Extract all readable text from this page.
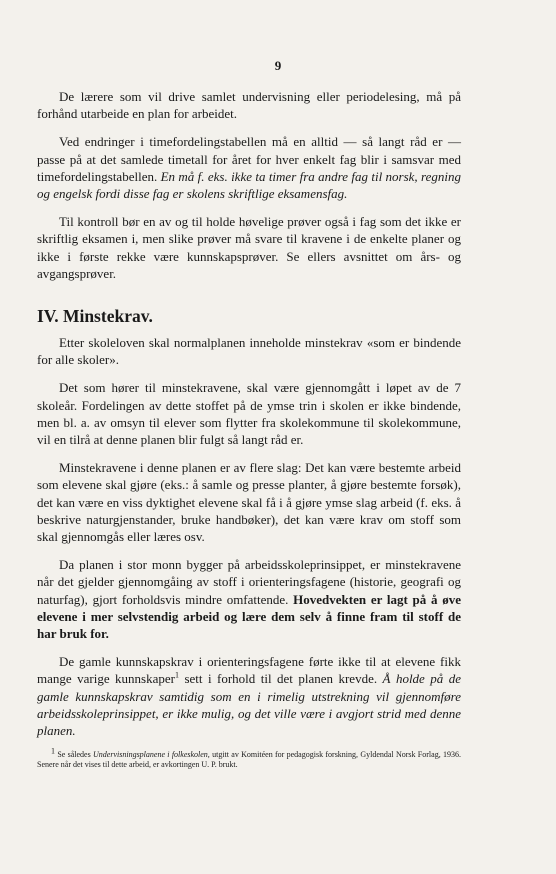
9

De lærere som vil drive samlet undervisning eller periodelesing, må på forhånd utarbeide en plan for arbeidet.

Ved endringer i timefordelingstabellen må en alltid — så langt råd er — passe på at det samlede timetall for året for hver enkelt fag blir i samsvar med timefordelingstabellen. En må f. eks. ikke ta timer fra andre fag til norsk, regning og engelsk fordi disse fag er skolens skriftlige eksamensfag.

Til kontroll bør en av og til holde høvelige prøver også i fag som det ikke er skriftlig eksamen i, men slike prøver må svare til kravene i de enkelte planer og ikke i første rekke være kunnskapsprøver. Se ellers avsnittet om års- og avgangsprøver.

IV. Minstekrav.

Etter skoleloven skal normalplanen inneholde minstekrav «som er bindende for alle skoler».

Det som hører til minstekravene, skal være gjennomgått i løpet av de 7 skoleår. Fordelingen av dette stoffet på de ymse trin i skolen er ikke bindende, men bl. a. av omsyn til elever som flytter fra skolekommune til skolekommune, vil en tilrå at denne planen blir fulgt så langt råd er.

Minstekravene i denne planen er av flere slag: Det kan være bestemte arbeid som elevene skal gjøre (eks.: å samle og presse planter, å gjøre bestemte forsøk), det kan være en viss dyktighet elevene skal få i å gjøre ymse slag arbeid (f. eks. å beskrive naturgjenstander, bruke handbøker), det kan være krav om stoff som skal gjennomgås eller læres osv.

Da planen i stor monn bygger på arbeidsskoleprinsippet, er minstekravene når det gjelder gjennomgåing av stoff i orienteringsfagene (historie, geografi og naturfag), gjort forholdsvis mindre omfattende. Hovedvekten er lagt på å øve elevene i mer selvstendig arbeid og lære dem selv å finne fram til stoff de har bruk for.

De gamle kunnskapskrav i orienteringsfagene førte ikke til at elevene fikk mange varige kunnskaper$^1$ sett i forhold til det planen krevde. Å holde på de gamle kunnskapskrav samtidig som en i rimelig utstrekning vil gjennomføre arbeidsskoleprinsippet, er ikke mulig, og det ville være i avgjort strid med denne planen.

$^1$ Se således Undervisningsplanene i folkeskolen, utgitt av Komitéen for pedagogisk forskning, Gyldendal Norsk Forlag, 1936. Senere når det vises til dette arbeid, er avkortingen U. P. brukt.
